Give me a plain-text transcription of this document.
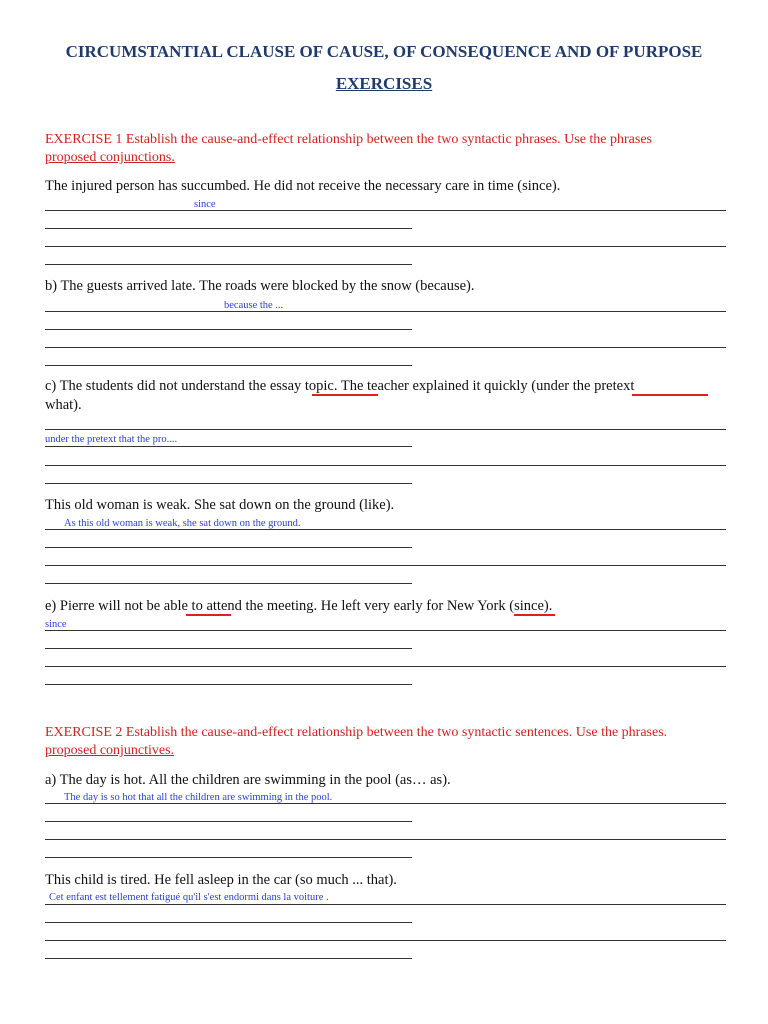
CIRCUMSTANTIAL CLAUSE OF CAUSE, OF CONSEQUENCE AND OF PURPOSE
EXERCISES
EXERCISE 1 Establish the cause-and-effect relationship between the two syntactic phrases. Use the phrases
proposed conjunctions.
The injured person has succumbed. He did not receive the necessary care in time (since).
since
b) The guests arrived late. The roads were blocked by the snow (because).
because the ...
c) The students did not understand the essay topic. The teacher explained it quickly (under the pretext
what).
under the pretext that the pro....
This old woman is weak. She sat down on the ground (like).
As this old woman is weak, she sat down on the ground.
e) Pierre will not be able to attend the meeting. He left very early for New York (since).
since
EXERCISE 2 Establish the cause-and-effect relationship between the two syntactic sentences. Use the phrases.
proposed conjunctives.
a) The day is hot. All the children are swimming in the pool (as… as).
The day is so hot that all the children are swimming in the pool.
This child is tired. He fell asleep in the car (so much ... that).
Cet enfant est tellement fatigué qu'il s'est endormi dans la voiture .
